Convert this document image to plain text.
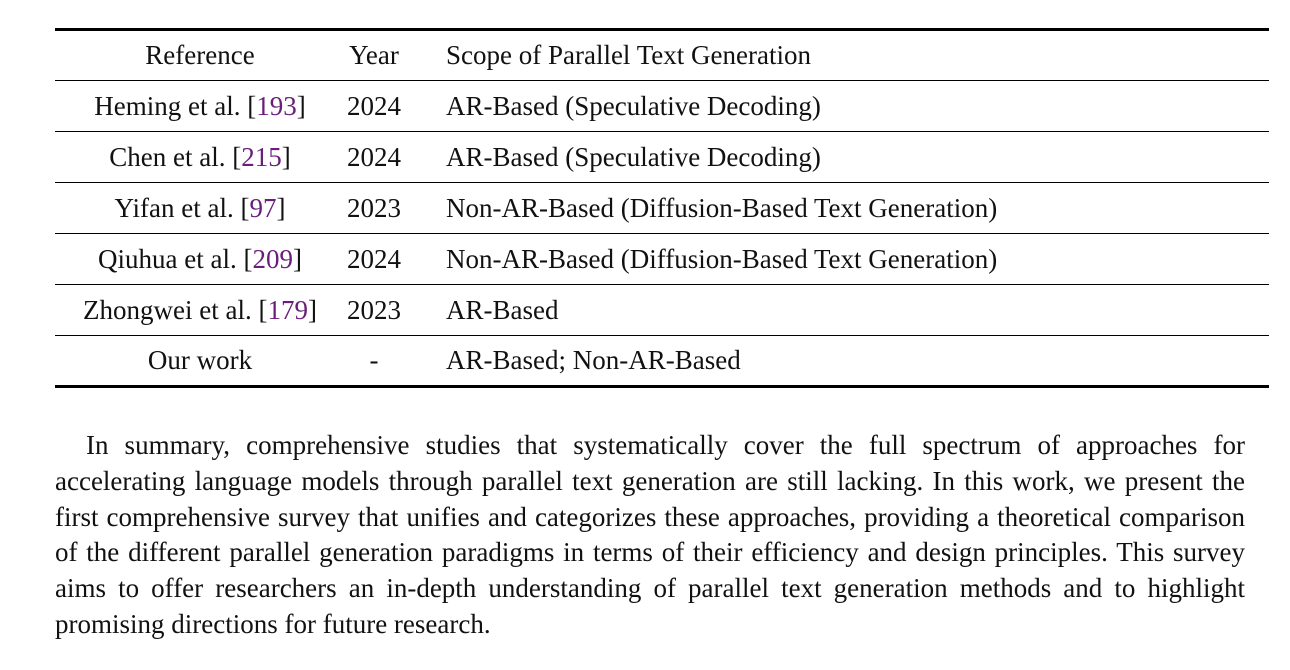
Reference	Year	Scope of Parallel Text Generation
Heming et al. [193]	2024	AR-Based (Speculative Decoding)
Chen et al. [215]	2024	AR-Based (Speculative Decoding)
Yifan et al. [97]	2023	Non-AR-Based (Diffusion-Based Text Generation)
Qiuhua et al. [209]	2024	Non-AR-Based (Diffusion-Based Text Generation)
Zhongwei et al. [179]	2023	AR-Based
Our work	-	AR-Based; Non-AR-Based

In summary, comprehensive studies that systematically cover the full spectrum of approaches for accelerating language models through parallel text generation are still lacking. In this work, we present the first comprehensive survey that unifies and categorizes these approaches, providing a theoretical comparison of the different parallel generation paradigms in terms of their efficiency and design principles. This survey aims to offer researchers an in-depth understanding of parallel text generation methods and to highlight promising directions for future research.
